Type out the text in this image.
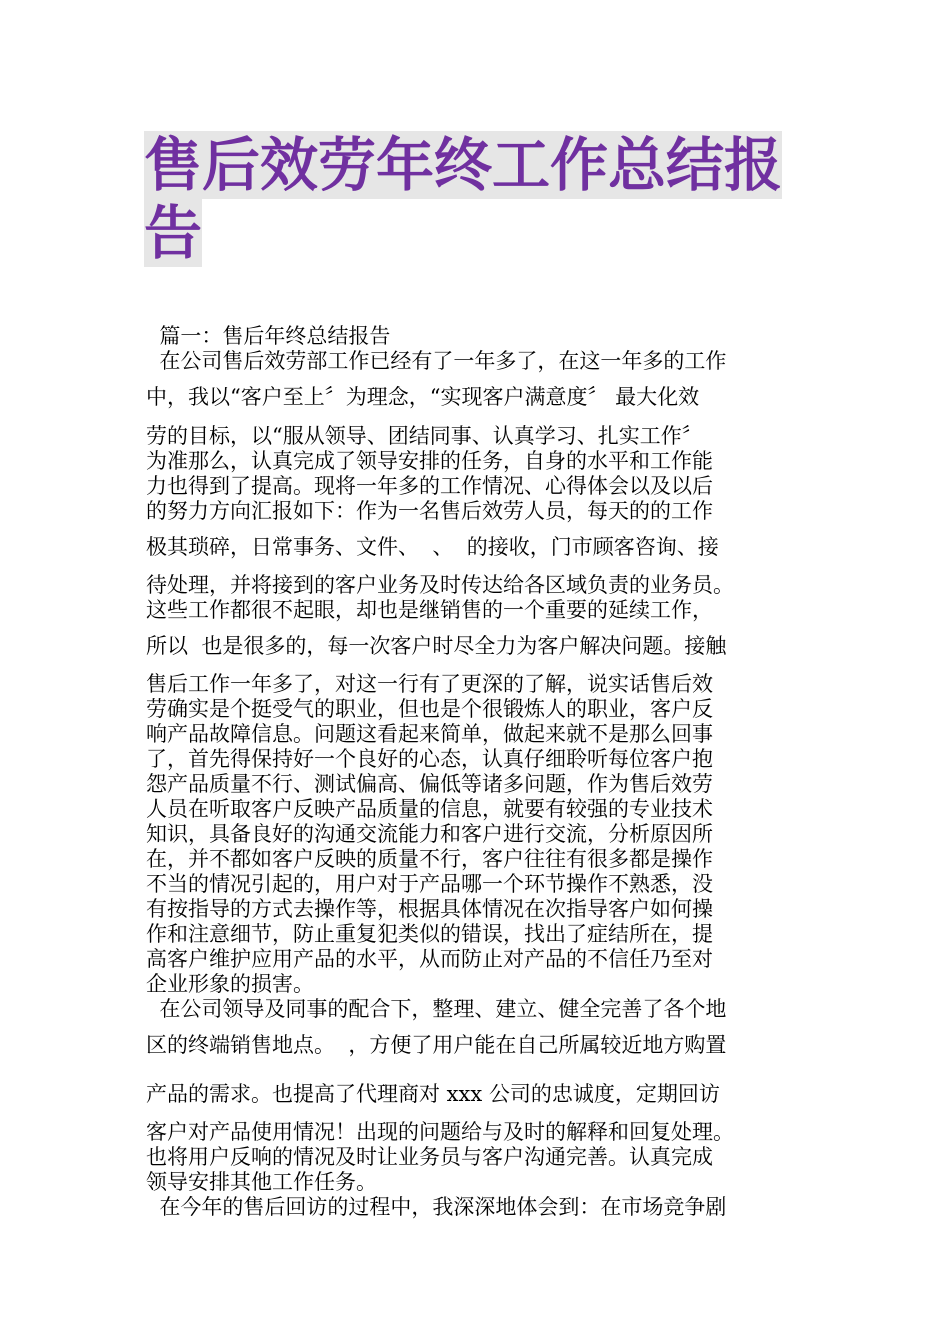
售后效劳年终工作总结报
告
篇一：售后年终总结报告
在公司售后效劳部工作已经有了一年多了，在这一年多的工作
中，我以“客户至上〞为理念，“实现客户满意度〞 最大化效
劳的目标，以“服从领导、团结同事、认真学习、扎实工作〞
为准那么，认真完成了领导安排的任务，自身的水平和工作能
力也得到了提高。现将一年多的工作情况、心得体会以及以后
的努力方向汇报如下：作为一名售后效劳人员，每天的的工作
极其琐碎，日常事务、文件、  、  的接收，门市顾客咨询、接
待处理，并将接到的客户业务及时传达给各区域负责的业务员。
这些工作都很不起眼，却也是继销售的一个重要的延续工作，
所以  也是很多的，每一次客户时尽全力为客户解决问题。接触
售后工作一年多了，对这一行有了更深的了解，说实话售后效
劳确实是个挺受气的职业，但也是个很锻炼人的职业，客户反
响产品故障信息。问题这看起来简单，做起来就不是那么回事
了，首先得保持好一个良好的心态，认真仔细聆听每位客户抱
怨产品质量不行、测试偏高、偏低等诸多问题，作为售后效劳
人员在听取客户反映产品质量的信息，就要有较强的专业技术
知识，具备良好的沟通交流能力和客户进行交流，分析原因所
在，并不都如客户反映的质量不行，客户往往有很多都是操作
不当的情况引起的，用户对于产品哪一个环节操作不熟悉，没
有按指导的方式去操作等，根据具体情况在次指导客户如何操
作和注意细节，防止重复犯类似的错误，找出了症结所在，提
高客户维护应用产品的水平，从而防止对产品的不信任乃至对
企业形象的损害。
在公司领导及同事的配合下，整理、建立、健全完善了各个地
区的终端销售地点。  ，方便了用户能在自己所属较近地方购置
产品的需求。也提高了代理商对 xxx 公司的忠诚度，定期回访
客户对产品使用情况！出现的问题给与及时的解释和回复处理。
也将用户反响的情况及时让业务员与客户沟通完善。认真完成
领导安排其他工作任务。
在今年的售后回访的过程中，我深深地体会到：在市场竞争剧
